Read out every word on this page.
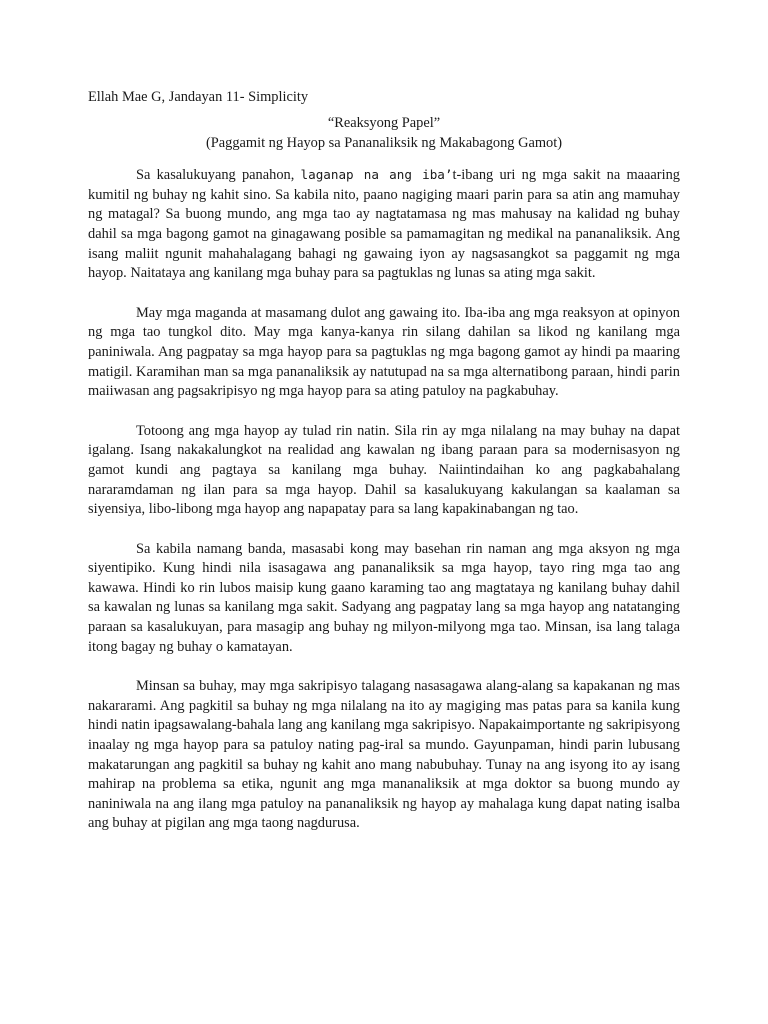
Ellah Mae G, Jandayan 11- Simplicity
“Reaksyong Papel”
(Paggamit ng Hayop sa Pananaliksik ng Makabagong Gamot)

Sa kasalukuyang panahon, laganap na ang iba’t-ibang uri ng mga sakit na maaaring kumitil ng buhay ng kahit sino. Sa kabila nito, paano nagiging maari parin para sa atin ang mamuhay ng matagal? Sa buong mundo, ang mga tao ay nagtatamasa ng mas mahusay na kalidad ng buhay dahil sa mga bagong gamot na ginagawang posible sa pamamagitan ng medikal na pananaliksik. Ang isang maliit ngunit mahahalagang bahagi ng gawaing iyon ay nagsasangkot sa paggamit ng mga hayop. Naitataya ang kanilang mga buhay para sa pagtuklas ng lunas sa ating mga sakit.

May mga maganda at masamang dulot ang gawaing ito. Iba-iba ang mga reaksyon at opinyon ng mga tao tungkol dito. May mga kanya-kanya rin silang dahilan sa likod ng kanilang mga paniniwala. Ang pagpatay sa mga hayop para sa pagtuklas ng mga bagong gamot ay hindi pa maaring matigil. Karamihan man sa mga pananaliksik ay natutupad na sa mga alternatibong paraan, hindi parin maiiwasan ang pagsakripisyo ng mga hayop para sa ating patuloy na pagkabuhay.

Totoong ang mga hayop ay tulad rin natin. Sila rin ay mga nilalang na may buhay na dapat igalang. Isang nakakalungkot na realidad ang kawalan ng ibang paraan para sa modernisasyon ng gamot kundi ang pagtaya sa kanilang mga buhay. Naiintindaihan ko ang pagkabahalang nararamdaman ng ilan para sa mga hayop. Dahil sa kasalukuyang kakulangan sa kaalaman sa siyensiya, libo-libong mga hayop ang napapatay para sa lang kapakinabangan ng tao.

Sa kabila namang banda, masasabi kong may basehan rin naman ang mga aksyon ng mga siyentipiko. Kung hindi nila isasagawa ang pananaliksik sa mga hayop, tayo ring mga tao ang kawawa. Hindi ko rin lubos maisip kung gaano karaming tao ang magtataya ng kanilang buhay dahil sa kawalan ng lunas sa kanilang mga sakit. Sadyang ang pagpatay lang sa mga hayop ang natatanging paraan sa kasalukuyan, para masagip ang buhay ng milyon-milyong mga tao. Minsan, isa lang talaga itong bagay ng buhay o kamatayan.

Minsan sa buhay, may mga sakripisyo talagang nasasagawa alang-alang sa kapakanan ng mas nakararami. Ang pagkitil sa buhay ng mga nilalang na ito ay magiging mas patas para sa kanila kung hindi natin ipagsawalang-bahala lang ang kanilang mga sakripisyo. Napakaimportante ng sakripisyong inaalay ng mga hayop para sa patuloy nating pag-iral sa mundo. Gayunpaman, hindi parin lubusang makatarungan ang pagkitil sa buhay ng kahit ano mang nabubuhay. Tunay na ang isyong ito ay isang mahirap na problema sa etika, ngunit ang mga mananaliksik at mga doktor sa buong mundo ay naniniwala na ang ilang mga patuloy na pananaliksik ng hayop ay mahalaga kung dapat nating isalba ang buhay at pigilan ang mga taong nagdurusa.
